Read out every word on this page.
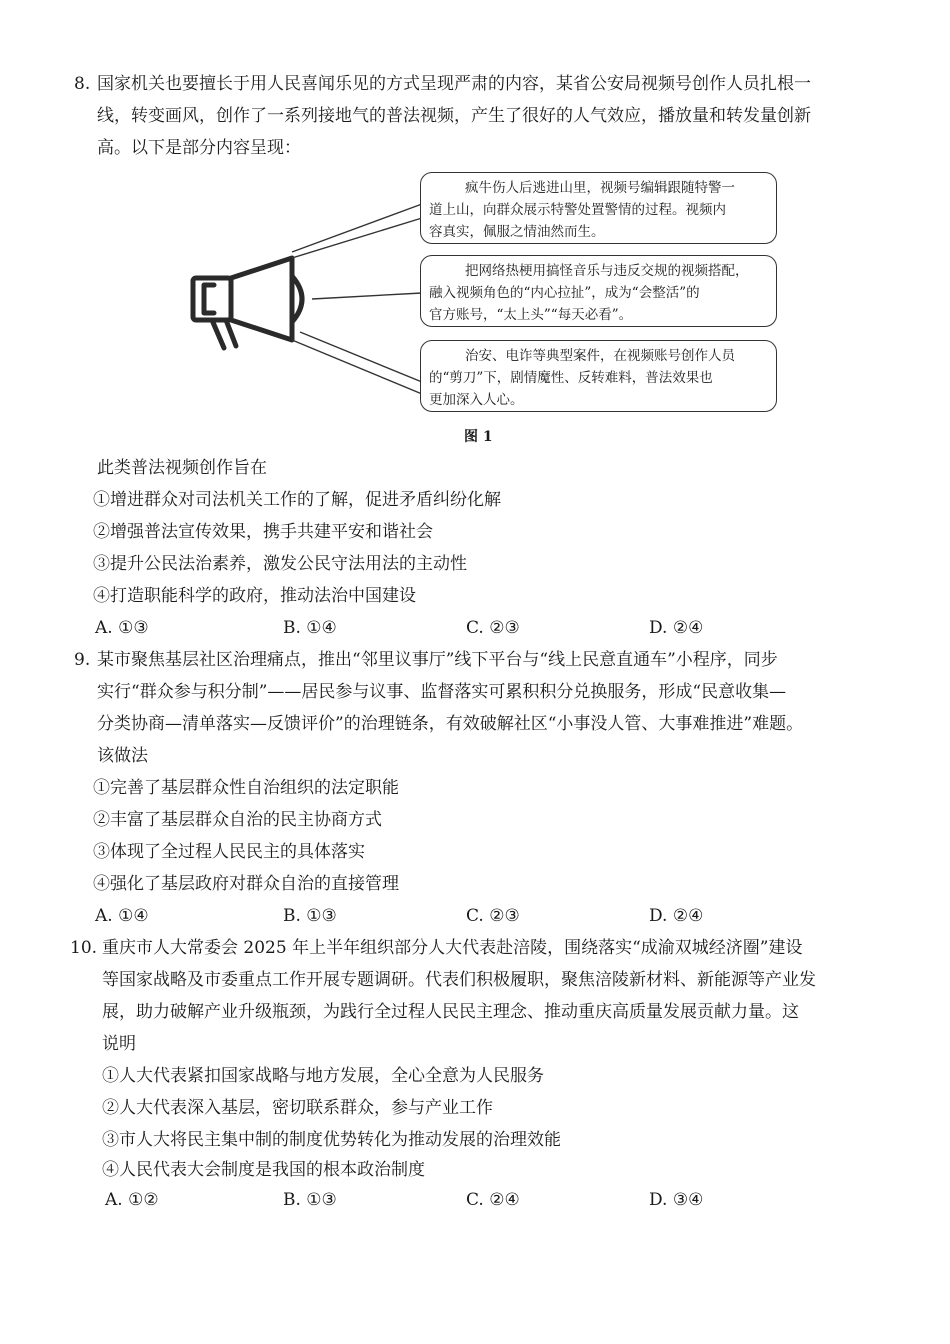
8. 国家机关也要擅长于用人民喜闻乐见的方式呈现严肃的内容，某省公安局视频号创作人员扎根一
线，转变画风，创作了一系列接地气的普法视频，产生了很好的人气效应，播放量和转发量创新
高。以下是部分内容呈现：

疯牛伤人后逃进山里，视频号编辑跟随特警一

道上山，向群众展示特警处置警情的过程。视频内

容真实，佩服之情油然而生。

把网络热梗用搞怪音乐与违反交规的视频搭配，

融入视频角色的“内心拉扯”，成为“会整活”的

官方账号，“太上头”“每天必看”。

治安、电诈等典型案件，在视频账号创作人员

的“剪刀”下，剧情魔性、反转难料，普法效果也

更加深入人心。

图 1
此类普法视频创作旨在
①增进群众对司法机关工作的了解，促进矛盾纠纷化解
②增强普法宣传效果，携手共建平安和谐社会
③提升公民法治素养，激发公民守法用法的主动性
④打造职能科学的政府，推动法治中国建设
A. ①③	B. ①④	C. ②③	D. ②④
9. 某市聚焦基层社区治理痛点，推出“邻里议事厅”线下平台与“线上民意直通车”小程序，同步
实行“群众参与积分制”——居民参与议事、监督落实可累积积分兑换服务，形成“民意收集—
分类协商—清单落实—反馈评价”的治理链条，有效破解社区“小事没人管、大事难推进”难题。
该做法
①完善了基层群众性自治组织的法定职能
②丰富了基层群众自治的民主协商方式
③体现了全过程人民民主的具体落实
④强化了基层政府对群众自治的直接管理
A. ①④	B. ①③	C. ②③	D. ②④
10. 重庆市人大常委会 2025 年上半年组织部分人大代表赴涪陵，围绕落实“成渝双城经济圈”建设
等国家战略及市委重点工作开展专题调研。代表们积极履职，聚焦涪陵新材料、新能源等产业发
展，助力破解产业升级瓶颈，为践行全过程人民民主理念、推动重庆高质量发展贡献力量。这
说明
①人大代表紧扣国家战略与地方发展，全心全意为人民服务
②人大代表深入基层，密切联系群众，参与产业工作
③市人大将民主集中制的制度优势转化为推动发展的治理效能
④人民代表大会制度是我国的根本政治制度
A. ①②	B. ①③	C. ②④	D. ③④
